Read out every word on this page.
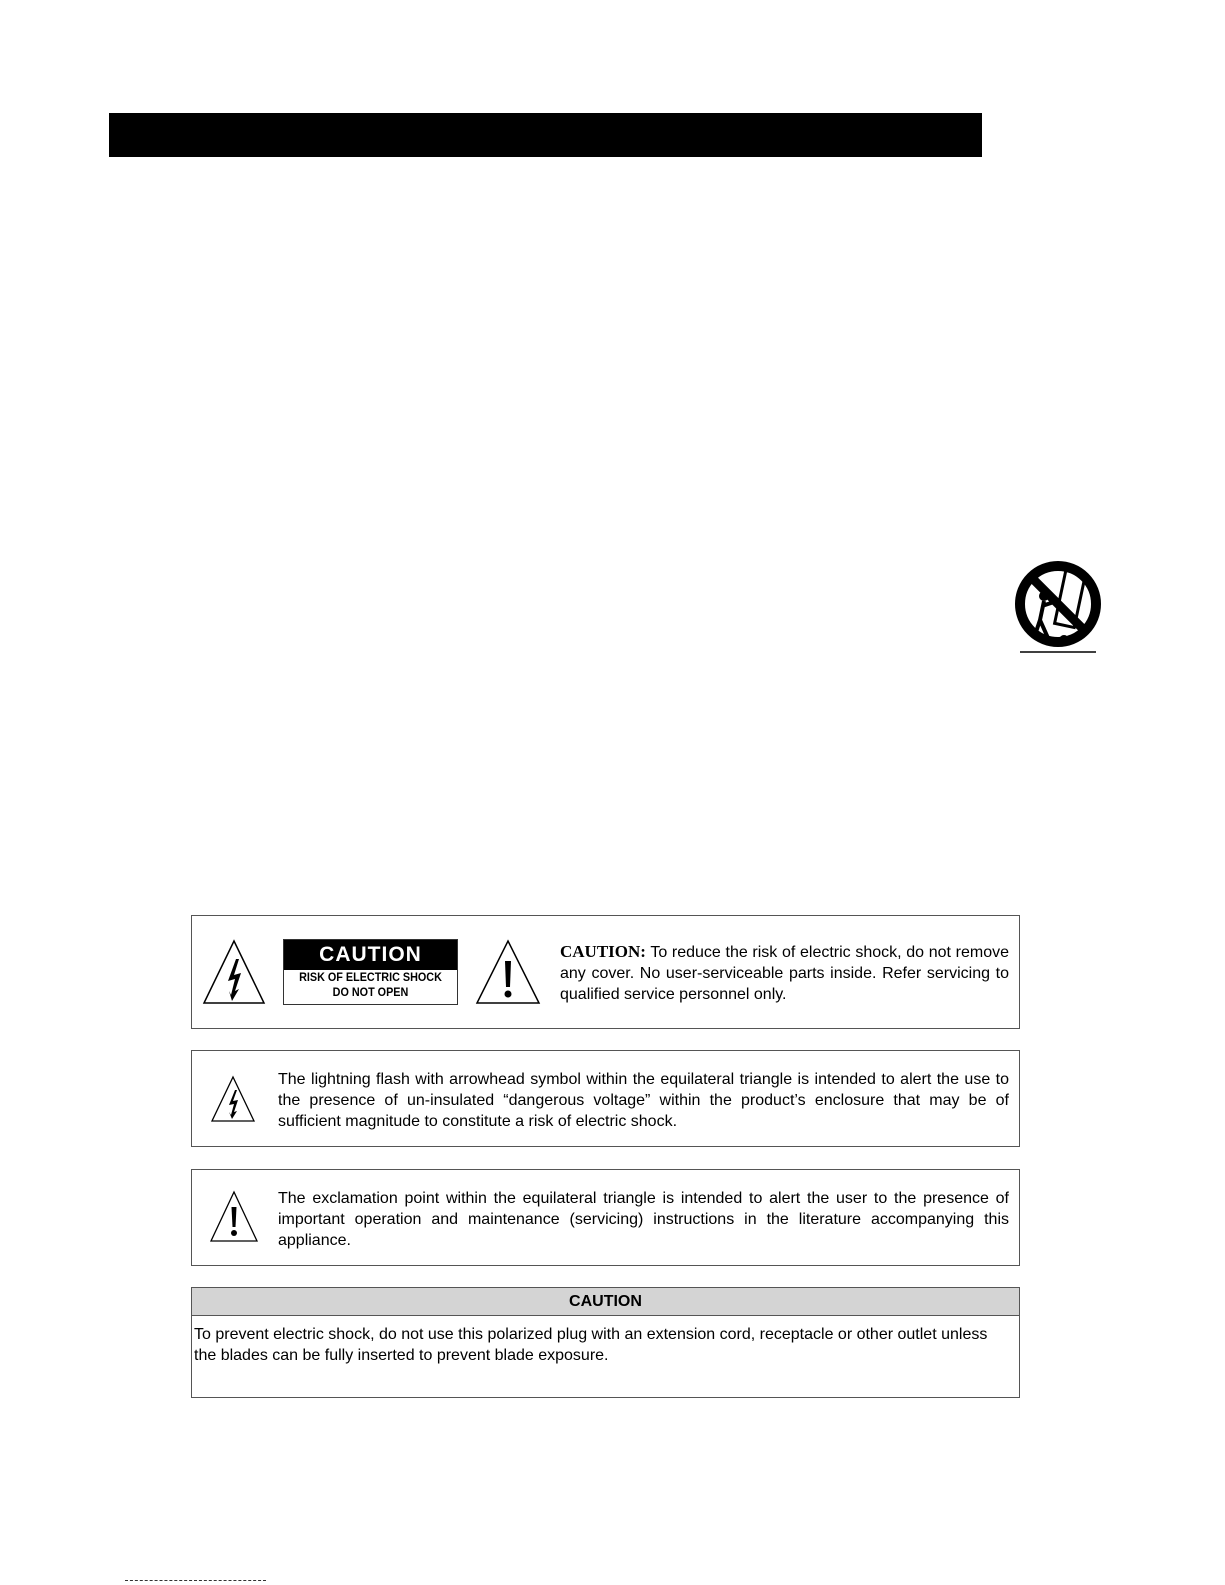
CAUTION
RISK OF ELECTRIC SHOCK
DO NOT OPEN
CAUTION: To reduce the risk of electric shock, do not remove any cover. No user-serviceable parts inside. Refer servicing to qualified service personnel only.
The lightning flash with arrowhead symbol within the equilateral triangle is intended to alert the use to the presence of un-insulated “dangerous voltage” within the product’s enclosure that may be of sufficient magnitude to constitute a risk of electric shock.
The exclamation point within the equilateral triangle is intended to alert the user to the presence of important operation and maintenance (servicing) instructions in the literature accompanying this appliance.
CAUTION
To prevent electric shock, do not use this polarized plug with an extension cord, receptacle or other outlet unless the blades can be fully inserted to prevent blade exposure.
